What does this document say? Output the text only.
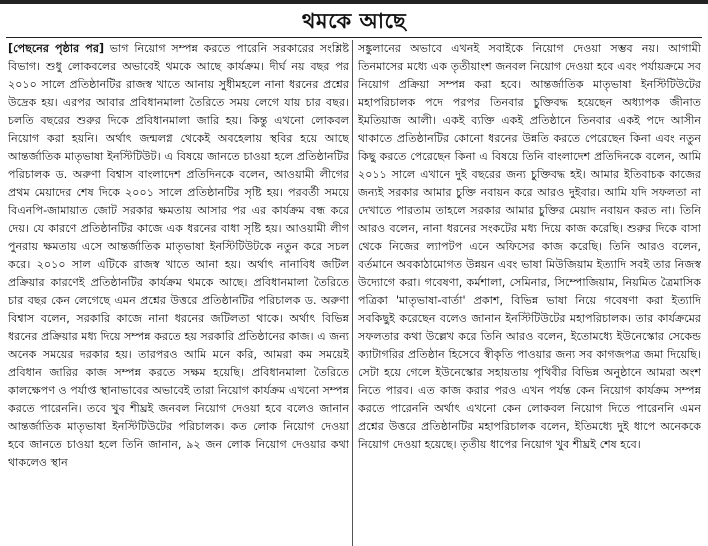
থমকে আছে

[পেছনের পৃষ্ঠার পর] ভাগ নিয়োগ সম্পন্ন করতে পারেনি সরকারের সংশ্লিষ্ট বিভাগ। শুধু লোকবলের অভাবেই থমকে আছে কার্যক্রম। দীর্ঘ নয় বছর পর ২০১০ সালে প্রতিষ্ঠানটির রাজস্ব খাতে আনায় সুধীমহলে নানা ধরনের প্রশ্নের উদ্রেক হয়। এরপর আবার প্রবিধানমালা তৈরিতে সময় লেগে যায় চার বছর। চলতি বছরের শুরুর দিকে প্রবিধানমালা জারি হয়। কিন্তু এখনো লোকবল নিয়োগ করা হয়নি। অর্থাৎ জন্মলগ্ন থেকেই অবহেলায় স্থবির হয়ে আছে আন্তর্জাতিক মাতৃভাষা ইনস্টিটিউট। এ বিষয়ে জানতে চাওয়া হলে প্রতিষ্ঠানটির পরিচালক ড. অরুণা বিশ্বাস বাংলাদেশ প্রতিদিনকে বলেন, আওয়ামী লীগের প্রথম মেয়াদের শেষ দিকে ২০০১ সালে প্রতিষ্ঠানটির সৃষ্টি হয়। পরবর্তী সময়ে বিএনপি-জামায়াত জোট সরকার ক্ষমতায় আসার পর এর কার্যক্রম বন্ধ করে দেয়। যে কারণে প্রতিষ্ঠানটির কাজে এক ধরনের বাধা সৃষ্টি হয়। আওয়ামী লীগ পুনরায় ক্ষমতায় এসে আন্তর্জাতিক মাতৃভাষা ইনস্টিটিউটকে নতুন করে সচল করে। ২০১০ সাল এটিকে রাজস্ব খাতে আনা হয়। অর্থাৎ নানাবিধ জটিল প্রক্রিয়ার কারণেই প্রতিষ্ঠানটির কার্যক্রম থমকে আছে। প্রবিধানমালা তৈরিতে চার বছর কেন লেগেছে এমন প্রশ্নের উত্তরে প্রতিষ্ঠানটির পরিচালক ড. অরুণা বিশ্বাস বলেন, সরকারি কাজে নানা ধরনের জটিলতা থাকে। অর্থাৎ বিভিন্ন ধরনের প্রক্রিয়ার মধ্য দিয়ে সম্পন্ন করতে হয় সরকারি প্রতিষ্ঠানের কাজ। এ জন্য অনেক সময়ের দরকার হয়। তারপরও আমি মনে করি, আমরা কম সময়েই প্রবিধান জারির কাজ সম্পন্ন করতে সক্ষম হয়েছি। প্রবিধানমালা তৈরিতে কালক্ষেপণ ও পর্যাপ্ত স্থানাভাবের অভাবেই তারা নিয়োগ কার্যক্রম এখনো সম্পন্ন করতে পারেননি। তবে খুব শীঘ্রই জনবল নিয়োগ দেওয়া হবে বলেও জানান আন্তর্জাতিক মাতৃভাষা ইনস্টিটিউটের পরিচালক। কত লোক নিয়োগ দেওয়া হবে জানতে চাওয়া হলে তিনি জানান, ৯২ জন লোক নিয়োগ দেওয়ার কথা থাকলেও স্থান

সঙ্কুলানের অভাবে এখনই সবাইকে নিয়োগ দেওয়া সম্ভব নয়। আগামী তিনমাসের মধ্যে এক তৃতীয়াংশ জনবল নিয়োগ দেওয়া হবে এবং পর্যায়ক্রমে সব নিয়োগ প্রক্রিয়া সম্পন্ন করা হবে। আন্তর্জাতিক মাতৃভাষা ইনস্টিটিউটের মহাপরিচালক পদে পরপর তিনবার চুক্তিবদ্ধ হয়েছেন অধ্যাপক জীনাত ইমতিয়াজ আলী। একই ব্যক্তি একই প্রতিষ্ঠানে তিনবার একই পদে আসীন থাকাতে প্রতিষ্ঠানটির কোনো ধরনের উন্নতি করতে পেরেছেন কিনা এবং নতুন কিছু করতে পেরেছেন কিনা এ বিষয়ে তিনি বাংলাদেশ প্রতিদিনকে বলেন, আমি ২০১১ সালে এখানে দুই বছরের জন্য চুক্তিবদ্ধ হই। আমার ইতিবাচক কাজের জন্যই সরকার আমার চুক্তি নবায়ন করে আরও দুইবার। আমি যদি সফলতা না দেখাতে পারতাম তাহলে সরকার আমার চুক্তির মেয়াদ নবায়ন করত না। তিনি আরও বলেন, নানা ধরনের সংকটের মধ্য দিয়ে কাজ করেছি। শুরুর দিকে বাসা থেকে নিজের ল্যাপটপ এনে অফিসের কাজ করেছি। তিনি আরও বলেন, বর্তমানে অবকাঠামোগত উন্নয়ন এবং ভাষা মিউজিয়াম ইত্যাদি সবই তার নিজস্ব উদ্যোগে করা। গবেষণা, কর্মশালা, সেমিনার, সিম্পোজিয়াম, নিয়মিত ত্রৈমাসিক পত্রিকা 'মাতৃভাষা-বার্তা' প্রকাশ, বিভিন্ন ভাষা নিয়ে গবেষণা করা ইত্যাদি সবকিছুই করেছেন বলেও জানান ইনস্টিটিউটের মহাপরিচালক। তার কার্যক্রমের সফলতার কথা উল্লেখ করে তিনি আরও বলেন, ইতোমধ্যে ইউনেস্কোর সেকেন্ড ক্যাটাগরির প্রতিষ্ঠান হিসেবে স্বীকৃতি পাওয়ার জন্য সব কাগজপত্র জমা দিয়েছি। সেটা হয়ে গেলে ইউনেস্কোর সহায়তায় পৃথিবীর বিভিন্ন অনুষ্ঠানে আমরা অংশ নিতে পারব। এত কাজ করার পরও এখন পর্যন্ত কেন নিয়োগ কার্যক্রম সম্পন্ন করতে পারেননি অর্থাৎ এখনো কেন লোকবল নিয়োগ দিতে পারেননি এমন প্রশ্নের উত্তরে প্রতিষ্ঠানটির মহাপরিচালক বলেন, ইতিমধ্যে দুই ধাপে অনেককে নিয়োগ দেওয়া হয়েছে। তৃতীয় ধাপের নিয়োগ খুব শীঘ্রই শেষ হবে।
